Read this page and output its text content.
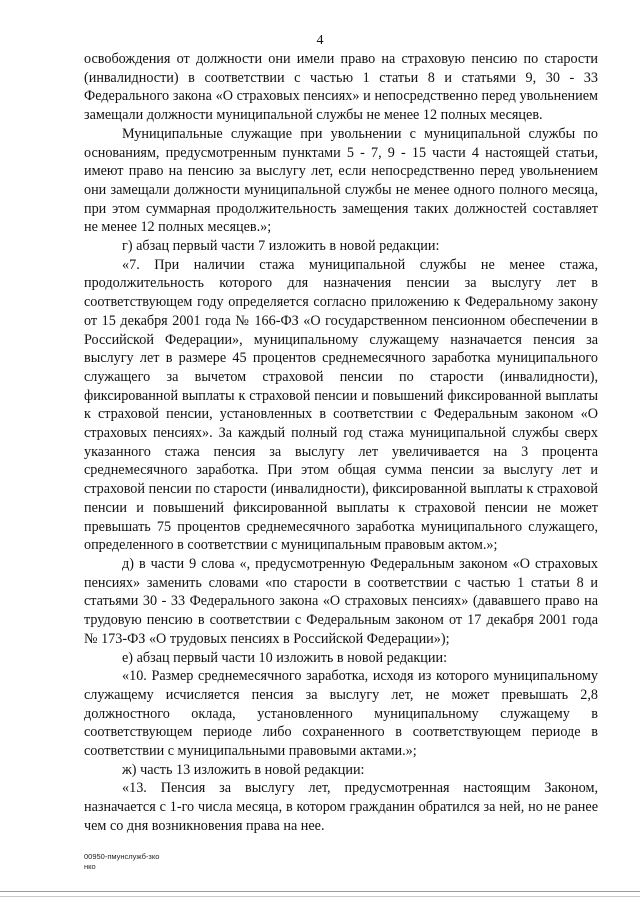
4

освобождения от должности они имели право на страховую пенсию по старости (инвалидности) в соответствии с частью 1 статьи 8 и статьями 9, 30 - 33 Федерального закона «О страховых пенсиях» и непосредственно перед увольнением замещали должности муниципальной службы не менее 12 полных месяцев.

Муниципальные служащие при увольнении с муниципальной службы по основаниям, предусмотренным пунктами 5 - 7, 9 - 15 части 4 настоящей статьи, имеют право на пенсию за выслугу лет, если непосредственно перед увольнением они замещали должности муниципальной службы не менее одного полного месяца, при этом суммарная продолжительность замещения таких должностей составляет не менее 12 полных месяцев.»;

г) абзац первый части 7 изложить в новой редакции:

«7. При наличии стажа муниципальной службы не менее стажа, продолжительность которого для назначения пенсии за выслугу лет в соответствующем году определяется согласно приложению к Федеральному закону от 15 декабря 2001 года № 166-ФЗ «О государственном пенсионном обеспечении в Российской Федерации», муниципальному служащему назначается пенсия за выслугу лет в размере 45 процентов среднемесячного заработка муниципального служащего за вычетом страховой пенсии по старости (инвалидности), фиксированной выплаты к страховой пенсии и повышений фиксированной выплаты к страховой пенсии, установленных в соответствии с Федеральным законом «О страховых пенсиях». За каждый полный год стажа муниципальной службы сверх указанного стажа пенсия за выслугу лет увеличивается на 3 процента среднемесячного заработка. При этом общая сумма пенсии за выслугу лет и страховой пенсии по старости (инвалидности), фиксированной выплаты к страховой пенсии и повышений фиксированной выплаты к страховой пенсии не может превышать 75 процентов среднемесячного заработка муниципального служащего, определенного в соответствии с муниципальным правовым актом.»;

д) в части 9 слова «, предусмотренную Федеральным законом «О страховых пенсиях» заменить словами «по старости в соответствии с частью 1 статьи 8 и статьями 30 - 33 Федерального закона «О страховых пенсиях» (дававшего право на трудовую пенсию в соответствии с Федеральным законом от 17 декабря 2001 года № 173-ФЗ «О трудовых пенсиях в Российской Федерации»);

е) абзац первый части 10 изложить в новой редакции:

«10. Размер среднемесячного заработка, исходя из которого муниципальному служащему исчисляется пенсия за выслугу лет, не может превышать 2,8 должностного оклада, установленного муниципальному служащему в соответствующем периоде либо сохраненного в соответствующем периоде в соответствии с муниципальными правовыми актами.»;

ж) часть 13 изложить в новой редакции:

«13. Пенсия за выслугу лет, предусмотренная настоящим Законом, назначается с 1-го числа месяца, в котором гражданин обратился за ней, но не ранее чем со дня возникновения права на нее.

00950-пмунслужб-зко
нко
